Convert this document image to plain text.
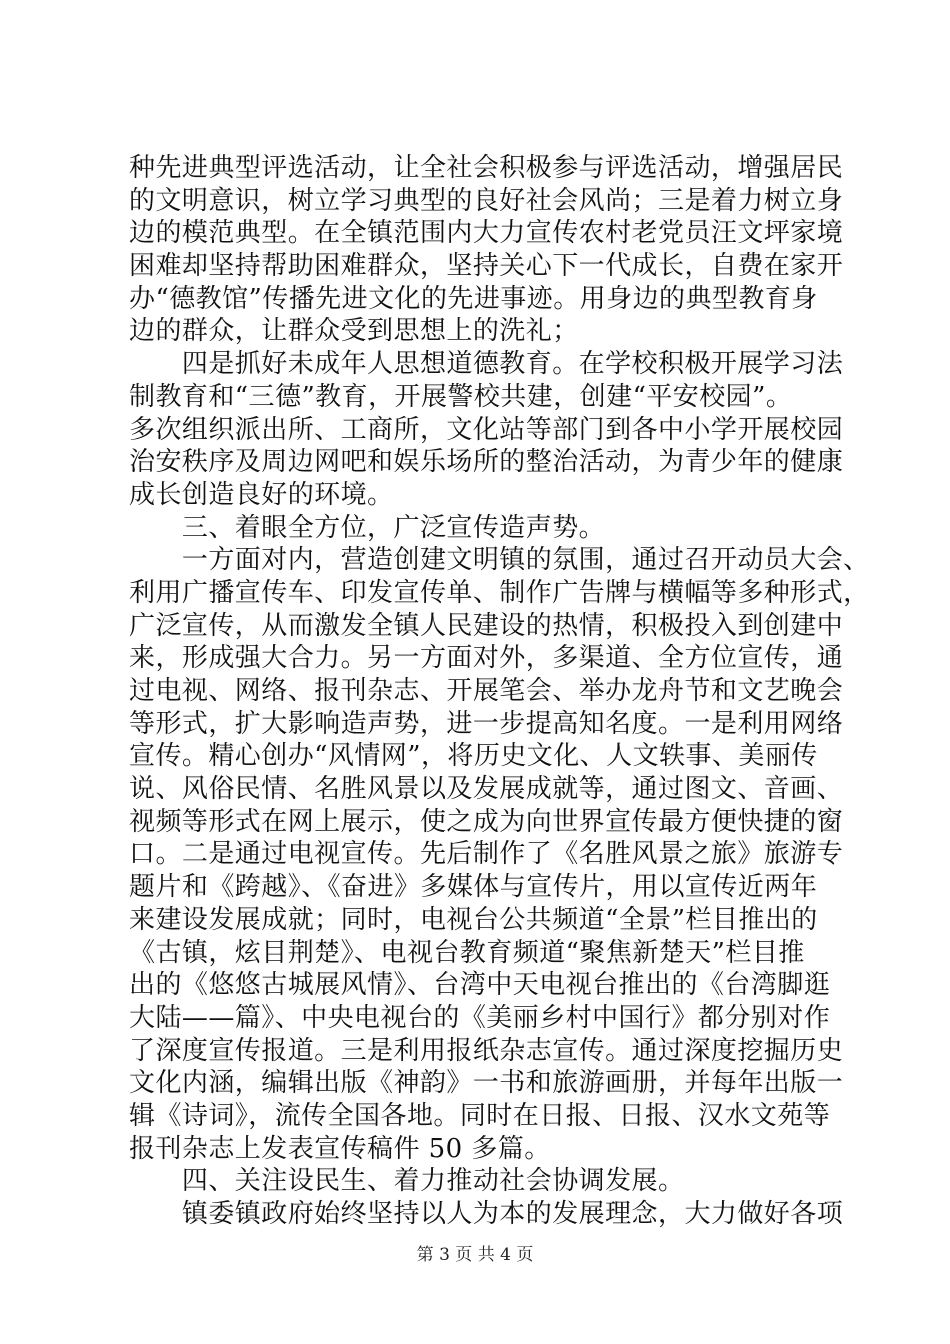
种先进典型评选活动，让全社会积极参与评选活动，增强居民
的文明意识，树立学习典型的良好社会风尚；三是着力树立身
边的模范典型。在全镇范围内大力宣传农村老党员汪文坪家境
困难却坚持帮助困难群众，坚持关心下一代成长，自费在家开
办“德教馆”传播先进文化的先进事迹。用身边的典型教育身
边的群众，让群众受到思想上的洗礼；
　　四是抓好未成年人思想道德教育。在学校积极开展学习法
制教育和“三德”教育，开展警校共建，创建“平安校园”。
多次组织派出所、工商所，文化站等部门到各中小学开展校园
治安秩序及周边网吧和娱乐场所的整治活动，为青少年的健康
成长创造良好的环境。
　　三、着眼全方位，广泛宣传造声势。
　　一方面对内，营造创建文明镇的氛围，通过召开动员大会、
利用广播宣传车、印发宣传单、制作广告牌与横幅等多种形式，
广泛宣传，从而激发全镇人民建设的热情，积极投入到创建中
来，形成强大合力。另一方面对外，多渠道、全方位宣传，通
过电视、网络、报刊杂志、开展笔会、举办龙舟节和文艺晚会
等形式，扩大影响造声势，进一步提高知名度。一是利用网络
宣传。精心创办“风情网”，将历史文化、人文轶事、美丽传
说、风俗民情、名胜风景以及发展成就等，通过图文、音画、
视频等形式在网上展示，使之成为向世界宣传最方便快捷的窗
口。二是通过电视宣传。先后制作了《名胜风景之旅》旅游专
题片和《跨越》、《奋进》多媒体与宣传片，用以宣传近两年
来建设发展成就；同时，电视台公共频道“全景”栏目推出的
《古镇，炫目荆楚》、电视台教育频道“聚焦新楚天”栏目推
出的《悠悠古城展风情》、台湾中天电视台推出的《台湾脚逛
大陆——篇》、中央电视台的《美丽乡村中国行》都分别对作
了深度宣传报道。三是利用报纸杂志宣传。通过深度挖掘历史
文化内涵，编辑出版《神韵》一书和旅游画册，并每年出版一
辑《诗词》，流传全国各地。同时在日报、日报、汉水文苑等
报刊杂志上发表宣传稿件 50 多篇。
　　四、关注设民生、着力推动社会协调发展。
　　镇委镇政府始终坚持以人为本的发展理念，大力做好各项
第 3 页 共 4 页
